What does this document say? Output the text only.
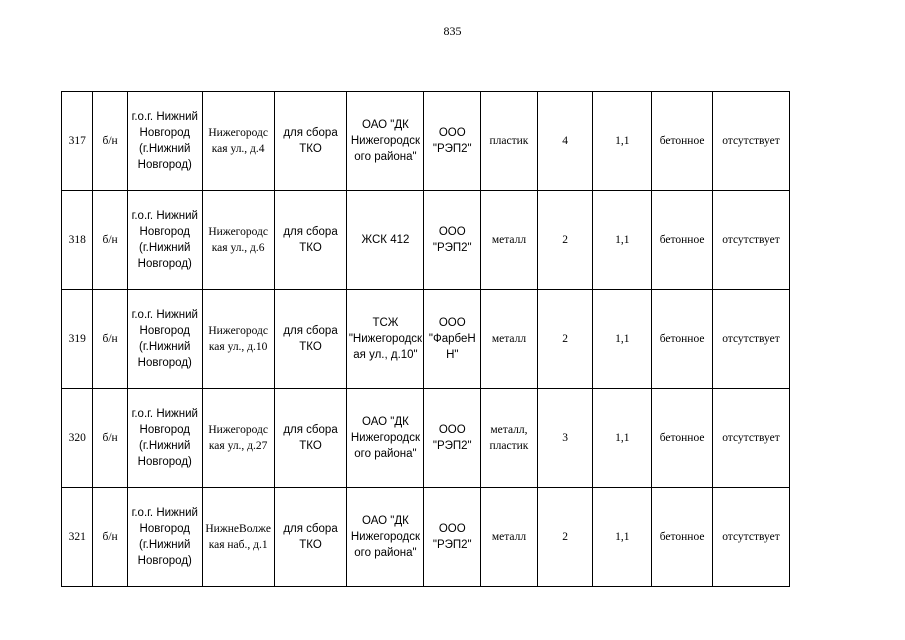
835
317	б/н	г.о.г. Нижний
Новгород
(г.Нижний
Новгород)	Нижегородс
кая ул., д.4	для сбора
ТКО	ОАО "ДК
Нижегородск
ого района"	ООО
"РЭП2"	пластик	4	1,1	бетонное	отсутствует
318	б/н	г.о.г. Нижний
Новгород
(г.Нижний
Новгород)	Нижегородс
кая ул., д.6	для сбора
ТКО	ЖСК 412	ООО
"РЭП2"	металл	2	1,1	бетонное	отсутствует
319	б/н	г.о.г. Нижний
Новгород
(г.Нижний
Новгород)	Нижегородс
кая ул., д.10	для сбора
ТКО	ТСЖ
"Нижегородск
ая ул., д.10"	ООО
"ФарбеН
Н"	металл	2	1,1	бетонное	отсутствует
320	б/н	г.о.г. Нижний
Новгород
(г.Нижний
Новгород)	Нижегородс
кая ул., д.27	для сбора
ТКО	ОАО "ДК
Нижегородск
ого района"	ООО
"РЭП2"	металл,
пластик	3	1,1	бетонное	отсутствует
321	б/н	г.о.г. Нижний
Новгород
(г.Нижний
Новгород)	НижнеВолже
кая наб., д.1	для сбора
ТКО	ОАО "ДК
Нижегородск
ого района"	ООО
"РЭП2"	металл	2	1,1	бетонное	отсутствует
